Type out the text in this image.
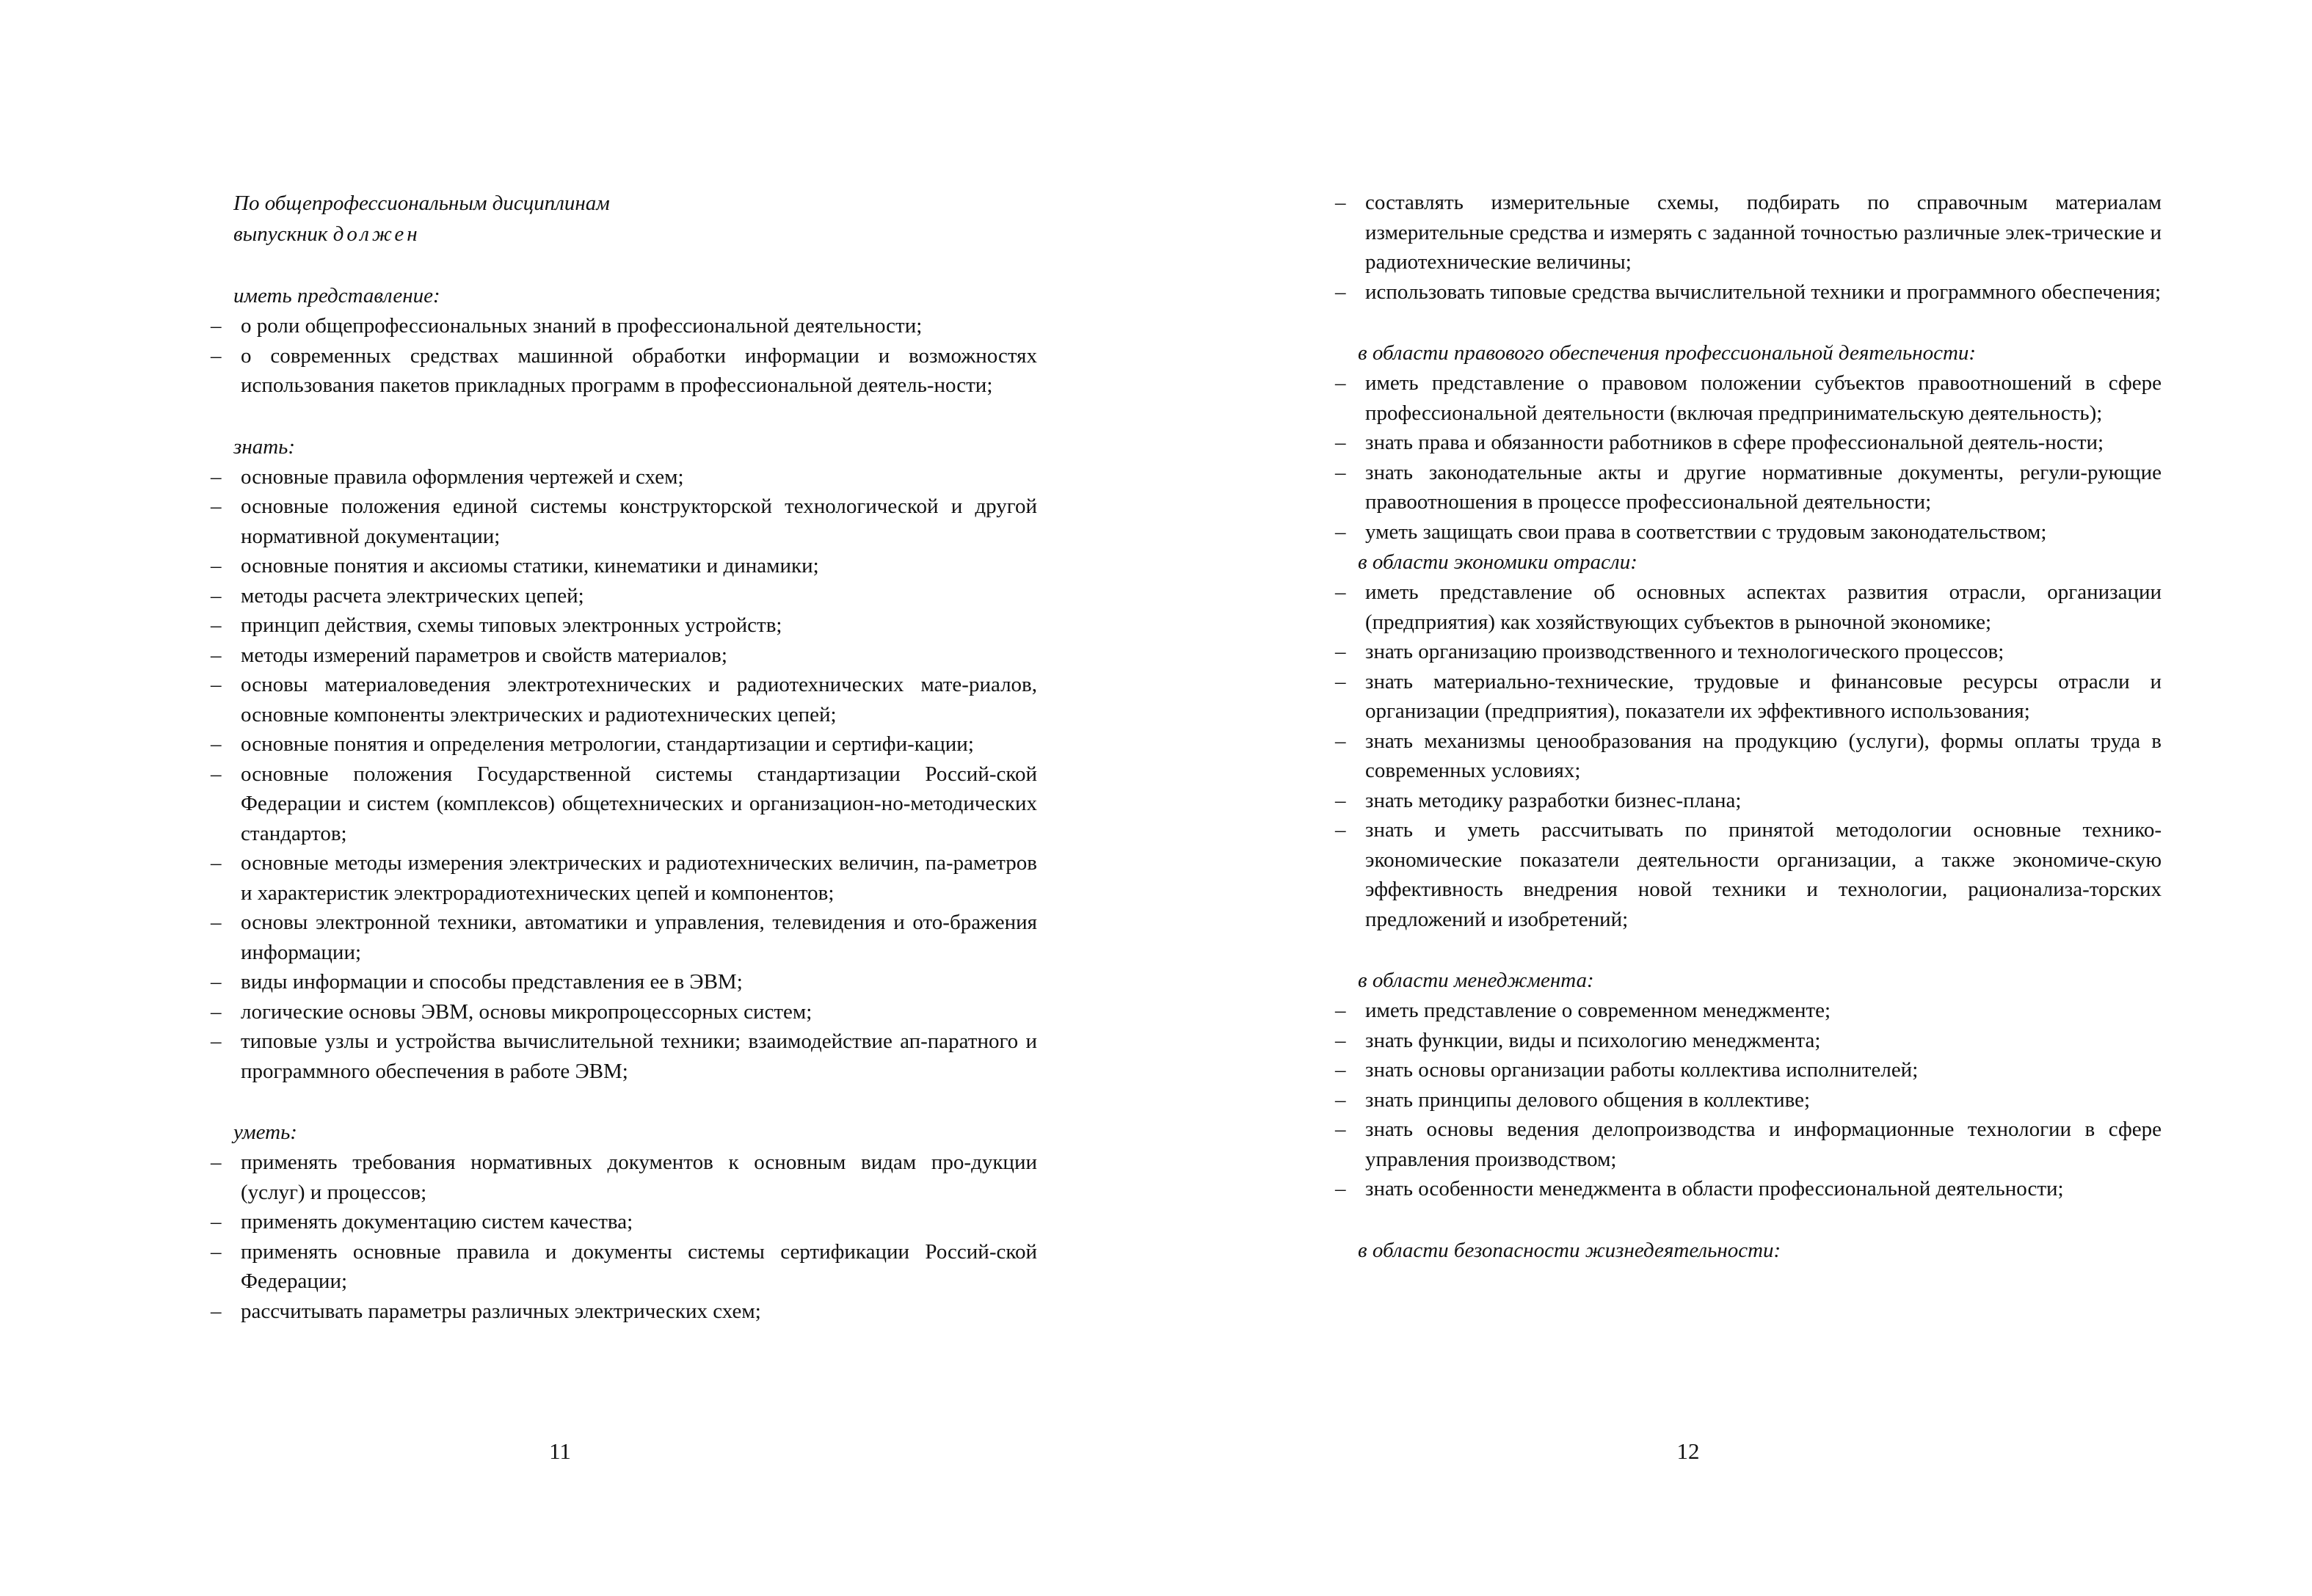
По общепрофессиональным дисциплинам
выпускник должен
иметь представление:
– о роли общепрофессиональных знаний в профессиональной деятельности;
– о современных средствах машинной обработки информации и возможностях использования пакетов прикладных программ в профессиональной деятель-ности;
знать:
– основные правила оформления чертежей и схем;
– основные положения единой системы конструкторской технологической и другой нормативной документации;
– основные понятия и аксиомы статики, кинематики и динамики;
– методы расчета электрических цепей;
– принцип действия, схемы типовых электронных устройств;
– методы измерений параметров и свойств материалов;
– основы материаловедения электротехнических и радиотехнических мате-риалов, основные компоненты электрических и радиотехнических цепей;
– основные понятия и определения метрологии, стандартизации и сертифи-кации;
– основные положения Государственной системы стандартизации Россий-ской Федерации и систем (комплексов) общетехнических и организацион-но-методических стандартов;
– основные методы измерения электрических и радиотехнических величин, па-раметров и характеристик электрорадиотехнических цепей и компонентов;
– основы электронной техники, автоматики и управления, телевидения и ото-бражения информации;
– виды информации и способы представления ее в ЭВМ;
– логические основы ЭВМ, основы микропроцессорных систем;
– типовые узлы и устройства вычислительной техники; взаимодействие ап-паратного и программного обеспечения в работе ЭВМ;
уметь:
– применять требования нормативных документов к основным видам про-дукции (услуг) и процессов;
– применять документацию систем качества;
– применять основные правила и документы системы сертификации Россий-ской Федерации;
– рассчитывать параметры различных электрических схем;
11
– составлять измерительные схемы, подбирать по справочным материалам измерительные средства и измерять с заданной точностью различные элек-трические и радиотехнические величины;
– использовать типовые средства вычислительной техники и программного обеспечения;
в области правового обеспечения профессиональной деятельности:
– иметь представление о правовом положении субъектов правоотношений в сфере профессиональной деятельности (включая предпринимательскую деятельность);
– знать права и обязанности работников в сфере профессиональной деятель-ности;
– знать законодательные акты и другие нормативные документы, регули-рующие правоотношения в процессе профессиональной деятельности;
– уметь защищать свои права в соответствии с трудовым законодательством;
в области экономики отрасли:
– иметь представление об основных аспектах развития отрасли, организации (предприятия) как хозяйствующих субъектов в рыночной экономике;
– знать организацию производственного и технологического процессов;
– знать материально-технические, трудовые и финансовые ресурсы отрасли и организации (предприятия), показатели их эффективного использования;
– знать механизмы ценообразования на продукцию (услуги), формы оплаты труда в современных условиях;
– знать методику разработки бизнес-плана;
– знать и уметь рассчитывать по принятой методологии основные технико-экономические показатели деятельности организации, а также экономиче-скую эффективность внедрения новой техники и технологии, рационализа-торских предложений и изобретений;
в области менеджмента:
– иметь представление о современном менеджменте;
– знать функции, виды и психологию менеджмента;
– знать основы организации работы коллектива исполнителей;
– знать принципы делового общения в коллективе;
– знать основы ведения делопроизводства и информационные технологии в сфере управления производством;
– знать особенности менеджмента в области профессиональной деятельности;
в области безопасности жизнедеятельности:
12
